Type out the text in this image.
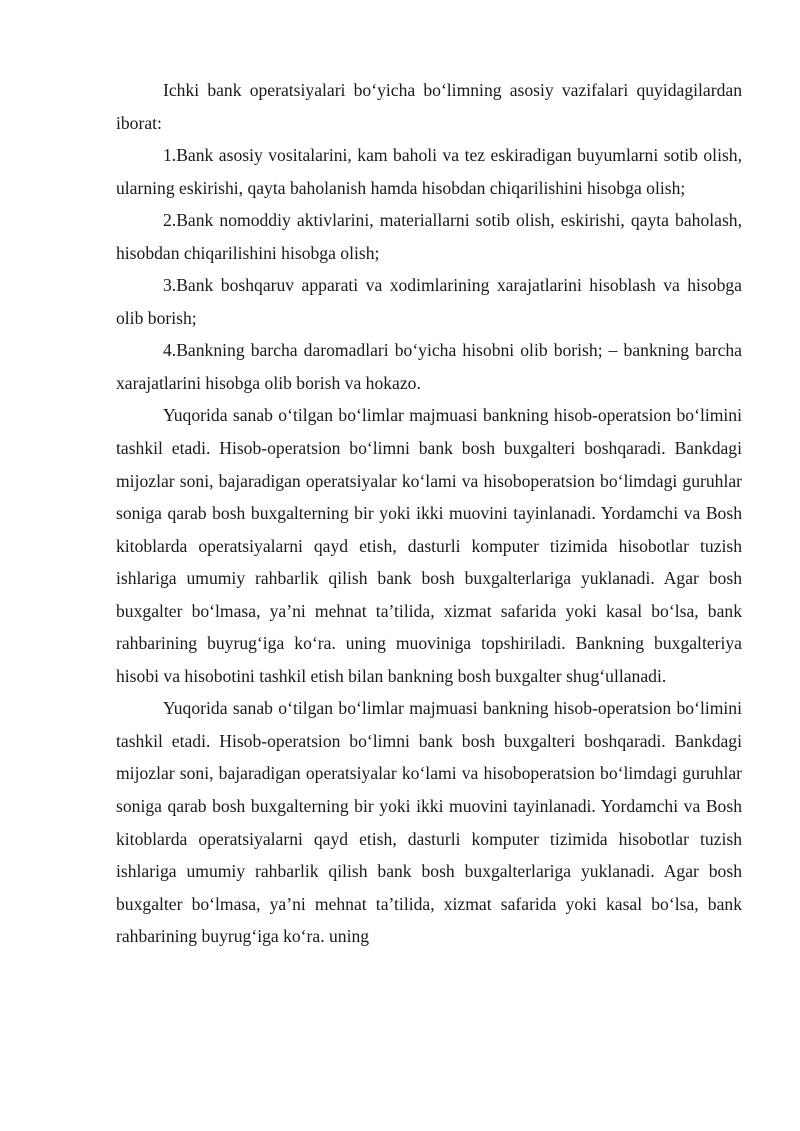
Ichki bank operatsiyalari bo‘yicha bo‘limning asosiy vazifalari quyidagilardan iborat:

1.Bank asosiy vositalarini, kam baholi va tez eskiradigan buyumlarni sotib olish, ularning eskirishi, qayta baholanish hamda hisobdan chiqarilishini hisobga olish;

2.Bank nomoddiy aktivlarini, materiallarni sotib olish, eskirishi, qayta baholash, hisobdan chiqarilishini hisobga olish;

3.Bank boshqaruv apparati va xodimlarining xarajatlarini hisoblash va hisobga olib borish;

4.Bankning barcha daromadlari bo‘yicha hisobni olib borish; – bankning barcha xarajatlarini hisobga olib borish va hokazo.

Yuqorida sanab o‘tilgan bo‘limlar majmuasi bankning hisob-operatsion bo‘limini tashkil etadi. Hisob-operatsion bo‘limni bank bosh buxgalteri boshqaradi. Bankdagi mijozlar soni, bajaradigan operatsiyalar ko‘lami va hisoboperatsion bo‘limdagi guruhlar soniga qarab bosh buxgalterning bir yoki ikki muovini tayinlanadi. Yordamchi va Bosh kitoblarda operatsiyalarni qayd etish, dasturli komputer tizimida hisobotlar tuzish ishlariga umumiy rahbarlik qilish bank bosh buxgalterlariga yuklanadi. Agar bosh buxgalter bo‘lmasa, ya’ni mehnat ta’tilida, xizmat safarida yoki kasal bo‘lsa, bank rahbarining buyrug‘iga ko‘ra. uning muoviniga topshiriladi. Bankning buxgalteriya hisobi va hisobotini tashkil etish bilan bankning bosh buxgalter shug‘ullanadi.

Yuqorida sanab o‘tilgan bo‘limlar majmuasi bankning hisob-operatsion bo‘limini tashkil etadi. Hisob-operatsion bo‘limni bank bosh buxgalteri boshqaradi. Bankdagi mijozlar soni, bajaradigan operatsiyalar ko‘lami va hisoboperatsion bo‘limdagi guruhlar soniga qarab bosh buxgalterning bir yoki ikki muovini tayinlanadi. Yordamchi va Bosh kitoblarda operatsiyalarni qayd etish, dasturli komputer tizimida hisobotlar tuzish ishlariga umumiy rahbarlik qilish bank bosh buxgalterlariga yuklanadi. Agar bosh buxgalter bo‘lmasa, ya’ni mehnat ta’tilida, xizmat safarida yoki kasal bo‘lsa, bank rahbarining buyrug‘iga ko‘ra. uning
